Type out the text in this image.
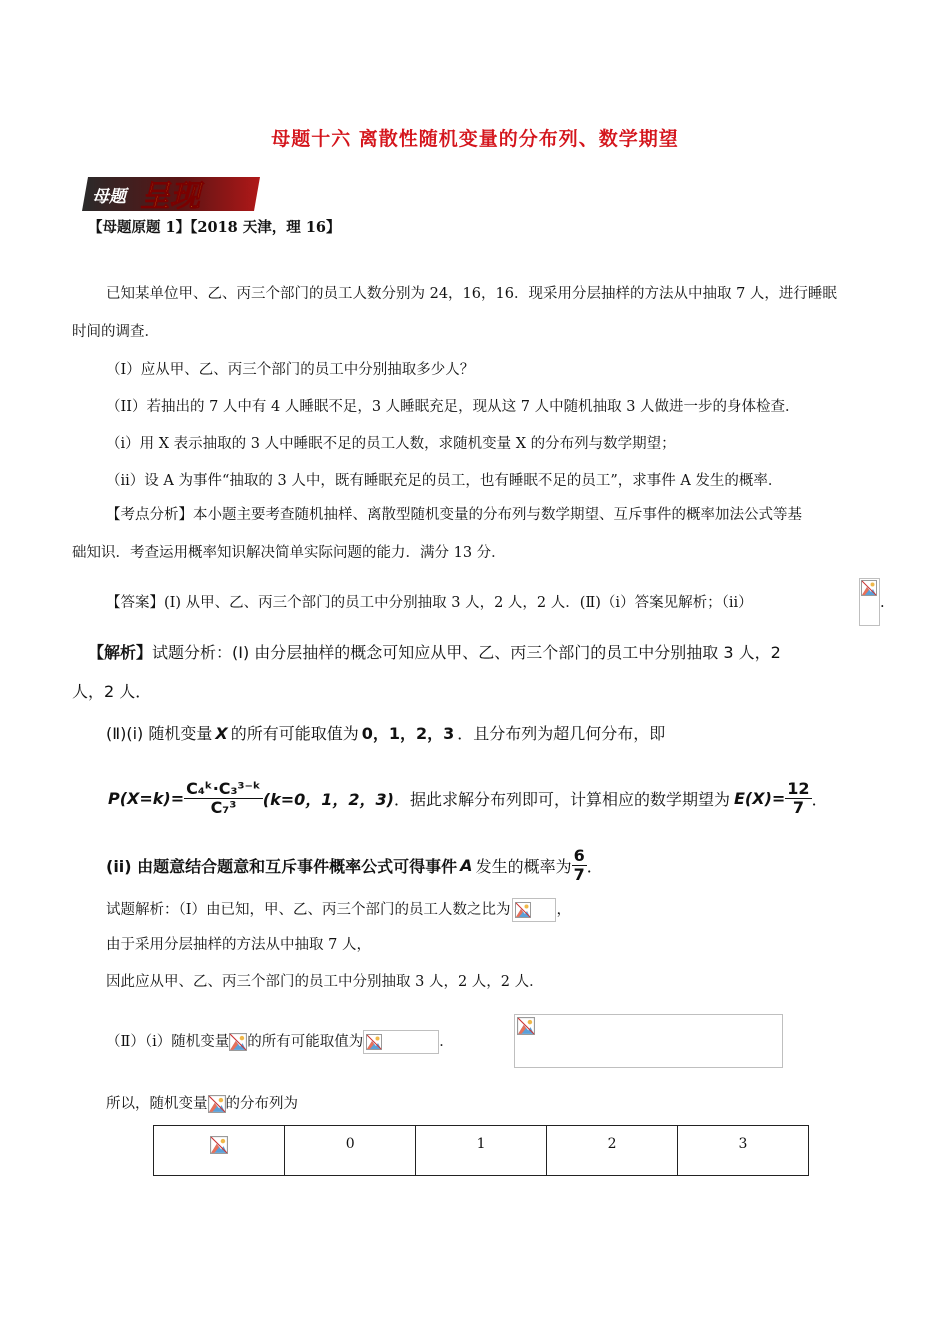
母题十六 离散性随机变量的分布列、数学期望
母题 呈现
【母题原题 1】【2018 天津，理 16】
已知某单位甲、乙、丙三个部门的员工人数分别为 24，16，16．现采用分层抽样的方法从中抽取 7 人，进行睡眠
时间的调查．
（I）应从甲、乙、丙三个部门的员工中分别抽取多少人？
（II）若抽出的 7 人中有 4 人睡眠不足，3 人睡眠充足，现从这 7 人中随机抽取 3 人做进一步的身体检查．
（i）用 X 表示抽取的 3 人中睡眠不足的员工人数，求随机变量 X 的分布列与数学期望；
（ii）设 A 为事件“抽取的 3 人中，既有睡眠充足的员工，也有睡眠不足的员工”，求事件 A 发生的概率．
【考点分析】本小题主要考查随机抽样、离散型随机变量的分布列与数学期望、互斥事件的概率加法公式等基
础知识．考查运用概率知识解决简单实际问题的能力．满分 13 分．
【答案】(Ⅰ) 从甲、乙、丙三个部门的员工中分别抽取 3 人，2 人，2 人．(Ⅱ)（i）答案见解析；（ii）	.
【解析】试题分析：(Ⅰ) 由分层抽样的概念可知应从甲、乙、丙三个部门的员工中分别抽取 3 人，2
人，2 人．
(Ⅱ)(i) 随机变量 X 的所有可能取值为 0，1，2，3 ．且分布列为超几何分布，即
$P(X=k)= \frac{\text{C₄ᵏ·C₃³⁻ᵏ}}{\text{C₇³}} (k=0$，1，2，3) ．据此求解分布列即可，计算相应的数学期望为 $E(X)= \frac{12}{7}$ ．
(ii) 由题意结合题意和互斥事件概率公式可得事件 A 发生的概率为 $\frac{6}{7}$ ．
试题解析：（Ⅰ）由已知，甲、乙、丙三个部门的员工人数之比为	，
由于采用分层抽样的方法从中抽取 7 人，
因此应从甲、乙、丙三个部门的员工中分别抽取 3 人，2 人，2 人．
（Ⅱ）（i）随机变量 的所有可能取值为	．
所以，随机变量 的分布列为
	0	1	2	3
